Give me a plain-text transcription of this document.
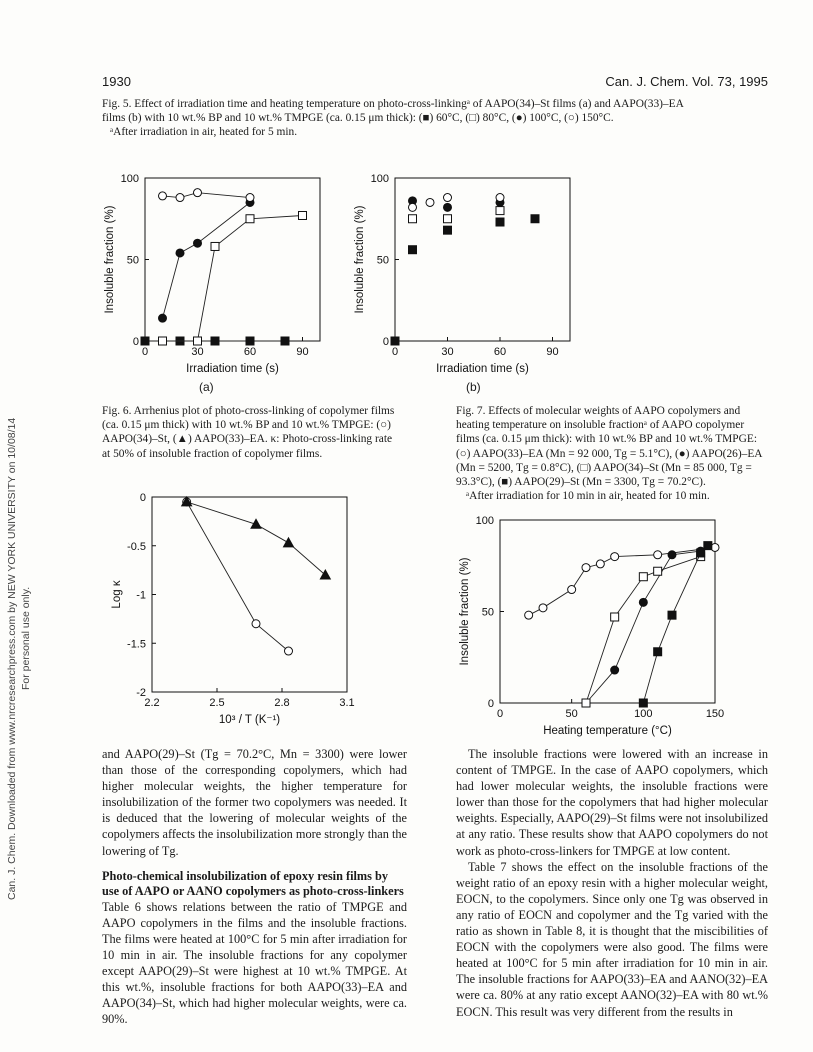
Can. J. Chem. Downloaded from www.nrcresearchpress.com by NEW YORK UNIVERSITY on 10/08/14 For personal use only.
1930	Can. J. Chem. Vol. 73, 1995
Fig. 5. Effect of irradiation time and heating temperature on photo-cross-linkingᵃ of AAPO(34)–St films (a) and AAPO(33)–EA films (b) with 10 wt.% BP and 10 wt.% TMPGE (ca. 0.15 μm thick): (■) 60°C, (□) 80°C, (●) 100°C, (○) 150°C.
ᵃAfter irradiation in air, heated for 5 min.
0	30	60	90
0
50
100
Irradiation time (s)
Insoluble fraction (%)
(a)
0	30	60	90
0
50
100
Irradiation time (s)
Insoluble fraction (%)
(b)
Fig. 6. Arrhenius plot of photo-cross-linking of copolymer films (ca. 0.15 μm thick) with 10 wt.% BP and 10 wt.% TMPGE: (○) AAPO(34)–St, (▲) AAPO(33)–EA. κ: Photo-cross-linking rate at 50% of insoluble fraction of copolymer films.
2.2	2.5	2.8	3.1
0
-0.5
-1
-1.5
-2
10³ / T (K⁻¹)
Log κ
Fig. 7. Effects of molecular weights of AAPO copolymers and heating temperature on insoluble fractionᵃ of AAPO copolymer films (ca. 0.15 μm thick): with 10 wt.% BP and 10 wt.% TMPGE: (○) AAPO(33)–EA (Mn = 92 000, Tg = 5.1°C), (●) AAPO(26)–EA (Mn = 5200, Tg = 0.8°C), (□) AAPO(34)–St (Mn = 85 000, Tg = 93.3°C), (■) AAPO(29)–St (Mn = 3300, Tg = 70.2°C).
ᵃAfter irradiation for 10 min in air, heated for 10 min.
0	50	100	150
0
50
100
Heating temperature (°C)
Insoluble fraction (%)

and AAPO(29)–St (Tg = 70.2°C, Mn = 3300) were lower than those of the corresponding copolymers, which had higher molecular weights, the higher temperature for insolubilization of the former two copolymers was needed. It is deduced that the lowering of molecular weights of the copolymers affects the insolubilization more strongly than the lowering of Tg.

Photo-chemical insolubilization of epoxy resin films by use of AAPO or AANO copolymers as photo-cross-linkers

Table 6 shows relations between the ratio of TMPGE and AAPO copolymers in the films and the insoluble fractions. The films were heated at 100°C for 5 min after irradiation for 10 min in air. The insoluble fractions for any copolymer except AAPO(29)–St were highest at 10 wt.% TMPGE. At this wt.%, insoluble fractions for both AAPO(33)–EA and AAPO(34)–St, which had higher molecular weights, were ca. 90%.

The insoluble fractions were lowered with an increase in content of TMPGE. In the case of AAPO copolymers, which had lower molecular weights, the insoluble fractions were lower than those for the copolymers that had higher molecular weights. Especially, AAPO(29)–St films were not insolubilized at any ratio. These results show that AAPO copolymers do not work as photo-cross-linkers for TMPGE at low content.

Table 7 shows the effect on the insoluble fractions of the weight ratio of an epoxy resin with a higher molecular weight, EOCN, to the copolymers. Since only one Tg was observed in any ratio of EOCN and copolymer and the Tg varied with the ratio as shown in Table 8, it is thought that the miscibilities of EOCN with the copolymers were also good. The films were heated at 100°C for 5 min after irradiation for 10 min in air. The insoluble fractions for AAPO(33)–EA and AANO(32)–EA were ca. 80% at any ratio except AANO(32)–EA with 80 wt.% EOCN. This result was very different from the results in
